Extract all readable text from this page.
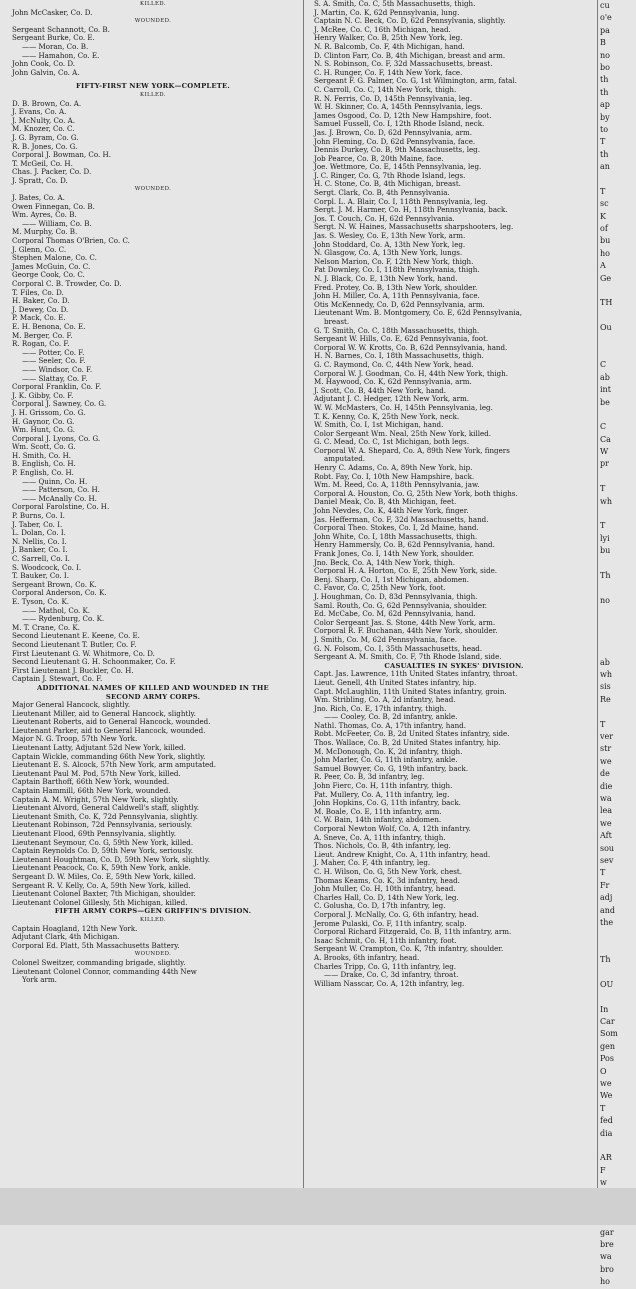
KILLED.
John McCasker, Co. D.
WOUNDED.
Sergeant Schannott, Co. B.
Sergeant Burke, Co. E.
—— Moran, Co. B.
—— Hamahon, Co. E.
John Cook, Co. D.
John Galvin, Co. A.
FIFTY-FIRST NEW YORK—COMPLETE.
KILLED.
D. B. Brown, Co. A.
J. Evans, Co. A.
J. McNulty, Co. A.
M. Knozer, Co. C.
J. G. Byram, Co. G.
R. B. Jones, Co. G.
Corporal J. Bowman, Co. H.
T. McGeil, Co. H.
Chas. J. Packer, Co. D.
J. Spratt, Co. D.
WOUNDED.
J. Bates, Co. A.
Owen Finnegan, Co. B.
Wm. Ayres, Co. B.
—— William, Co. B.
M. Murphy, Co. B.
Corporal Thomas O'Brien, Co. C.
J. Glenn, Co. C.
Stephen Malone, Co. C.
James McGuin, Co. C.
George Cook, Co. C.
Corporal C. B. Trowder, Co. D.
T. Files, Co. D.
H. Baker, Co. D.
J. Dewey, Co. D.
P. Mack, Co. E.
E. H. Benona, Co. E.
M. Berger, Co. F.
R. Rogan, Co. F.
—— Potter, Co. F.
—— Seeler, Co. F.
—— Windsor, Co. F.
—— Slattay, Co. F.
Corporal Franklin, Co. F.
J. K. Gibby, Co. F.
Corporal J. Sawney, Co. G.
J. H. Grissom, Co. G.
H. Gaynor, Co. G.
Wm. Hunt, Co. G.
Corporal J. Lyons, Co. G.
Wm. Scott, Co. G.
H. Smith, Co. H.
B. English, Co. H.
P. English, Co. H.
—— Quinn, Co. H.
—— Patterson, Co. H.
—— McAnally Co. H.
Corporal Farolstine, Co. H.
P. Burns, Co. I.
J. Taber, Co. I.
L. Dolan, Co. I.
N. Nellis, Co. I.
J. Banker, Co. I.
C. Sarrell, Co. I.
S. Woodcock, Co. I.
T. Bauker, Co. I.
Sergeant Brown, Co. K.
Corporal Anderson, Co. K.
E. Tyson, Co. K.
—— Mathol, Co. K.
—— Rydenburg, Co. K.
M. T. Crane, Co. K.
Second Lieutenant E. Keene, Co. E.
Second Lieutenant T. Butler, Co. F.
First Lieutenant G. W. Whitmore, Co. D.
Second Lieutenant G. H. Schoonmaker, Co. F.
First Lieutenant J. Buckler, Co. H.
Captain J. Stewart, Co. F.
ADDITIONAL NAMES OF KILLED AND WOUNDED IN THE
SECOND ARMY CORPS.
Major General Hancock, slightly.
Lieutenant Miller, aid to General Hancock, slightly.
Lieutenant Roberts, aid to General Hancock, wounded.
Lieutenant Parker, aid to General Hancock, wounded.
Major N. G. Troop, 57th New York.
Lieutenant Latty, Adjutant 52d New York, killed.
Captain Wickle, commanding 66th New York, slightly.
Lieutenant E. S. Alcock, 57th New York, arm amputated.
Lieutenant Paul M. Pod, 57th New York, killed.
Captain Barthoff, 66th New York, wounded.
Captain Hammill, 66th New York, wounded.
Captain A. M. Wright, 57th New York, slightly.
Lieutenant Alvord, General Caldwell's staff, slightly.
Lieutenant Smith, Co. K, 72d Pennsylvania, slightly.
Lieutenant Robinson, 72d Pennsylvania, seriously.
Lieutenant Flood, 69th Pennsylvania, slightly.
Lieutenant Seymour, Co. G, 59th New York, killed.
Captain Reynolds Co. D, 59th New York, seriously.
Lieutenant Houghtman, Co. D, 59th New York, slightly.
Lieutenant Peacock, Co. K, 59th New York, ankle.
Sergeant D. W. Miles, Co. E, 59th New York, killed.
Sergeant R. V. Kelly, Co. A, 59th New York, killed.
Lieutenant Colonel Baxter, 7th Michigan, shoulder.
Lieutenant Colonel Gillesly, 5th Michigan, killed.
FIFTH ARMY CORPS—GEN GRIFFIN'S DIVISION.
KILLED.
Captain Hoagland, 12th New York.
Adjutant Clark, 4th Michigan.
Corporal Ed. Platt, 5th Massachusetts Battery.
WOUNDED.
Colonel Sweitzer, commanding brigade, slightly.
Lieutenant Colonel Connor, commanding 44th New
York arm.
S. A. Smith, Co. C, 5th Massachusetts, thigh.
J. Martin, Co. K, 62d Pennsylvania, lung.
Captain N. C. Beck, Co. D, 62d Pennsylvania, slightly.
J. McRee, Co. C, 16th Michigan, head.
Henry Walker, Co. B, 25th New York, leg.
N. R. Balcomb, Co. F, 4th Michigan, hand.
D. Clinton Farr, Co. B, 4th Michigan, breast and arm.
N. S. Robinson, Co. F, 32d Massachusetts, breast.
C. H. Runger, Co. F, 14th New York, face.
Sergeant F. G. Palmer, Co. G, 1st Wilmington, arm, fatal.
C. Carroll, Co. C, 14th New York, thigh.
R. N. Ferris, Co. D, 145th Pennsylvania, leg.
W. H. Skinner, Co. A, 145th Pennsylvania, legs.
James Osgood, Co. D, 12th New Hampshire, foot.
Samuel Fussell, Co. I, 12th Rhode Island, neck.
Jas. J. Brown, Co. D, 62d Pennsylvania, arm.
John Fleming, Co. D, 62d Pennsylvania, face.
Dennis Durkey, Co. B, 9th Massachusetts, leg.
Job Pearce, Co. B, 20th Maine, face.
Joe. Wettmore, Co. E, 145th Pennsylvania, leg.
J. C. Ringer, Co. G, 7th Rhode Island, legs.
H. C. Stone, Co. B, 4th Michigan, breast.
Sergt. Clark, Co. B, 4th Pennsylvania.
Corpl. L. A. Blair, Co. I, 118th Pennsylvania, leg.
Sergt. J. M. Harmer, Co. H, 118th Pennsylvania, back.
Jos. T. Couch, Co. H, 62d Pennsylvania.
Sergt. N. W. Haines, Massachusetts sharpshooters, leg.
Jas. S. Wesley, Co. E, 13th New York, arm.
John Stoddard, Co. A, 13th New York, leg.
N. Glasgow, Co. A, 13th New York, lungs.
Nelson Marion, Co. F, 12th New York, thigh.
Pat Downley, Co. I, 118th Pennsylvania, thigh.
N. J. Black, Co. E, 13th New York, hand.
Fred. Protey, Co. B, 13th New York, shoulder.
John H. Miller, Co. A, 11th Pennsylvania, face.
Otis McKennedy, Co. D, 62d Pennsylvania, arm.
Lieutenant Wm. B. Montgomery, Co. E, 62d Pennsylvania,
breast.
G. T. Smith, Co. C, 18th Massachusetts, thigh.
Sergeant W. Hills, Co. E, 62d Pennsylvania, foot.
Corporal W. W. Krotts, Co. B, 62d Pennsylvania, hand.
H. N. Barnes, Co. I, 18th Massachusetts, thigh.
G. C. Raymond, Co. C, 44th New York, head.
Corporal W. J. Goodman, Co. H, 44th New York, thigh.
M. Haywood, Co. K, 62d Pennsylvania, arm.
J. Scott, Co. B, 44th New York, hand.
Adjutant J. C. Hedger, 12th New York, arm.
W. W. McMasters, Co. H, 145th Pennsylvania, leg.
T. K. Kenny, Co. K, 25th New York, neck.
W. Smith, Co. I, 1st Michigan, hand.
Color Sergeant Wm. Neal, 25th New York, killed.
G. C. Mead, Co. C, 1st Michigan, both legs.
Corporal W. A. Shepard, Co. A, 89th New York, fingers
amputated.
Henry C. Adams, Co. A, 89th New York, hip.
Robt. Fay, Co. I, 10th New Hampshire, back.
Wm. M. Reed, Co. A, 118th Pennsylvania, jaw.
Corporal A. Houston, Co. G, 25th New York, both thighs.
Daniel Meak, Co. B, 4th Michigan, feet.
John Nevdes, Co. K, 44th New York, finger.
Jas. Hefferman, Co. F, 32d Massachusetts, hand.
Corporal Theo. Stokes, Co. I, 2d Maine, hand.
John White, Co. I, 18th Massachusetts, thigh.
Henry Hammersly, Co. B, 62d Pennsylvania, hand.
Frank Jones, Co. I, 14th New York, shoulder.
Jno. Beck, Co. A, 14th New York, thigh.
Corporal H. A. Horton, Co. E, 25th New York, side.
Benj. Sharp, Co. I, 1st Michigan, abdomen.
C. Favor, Co. C, 25th New York, foot.
J. Houghman, Co. D, 83d Pennsylvania, thigh.
Saml. Routh, Co. G, 62d Pennsylvania, shoulder.
Ed. McCabe, Co. M, 62d Pennsylvania, hand.
Color Sergeant Jas. S. Stone, 44th New York, arm.
Corporal R. F. Buchanan, 44th New York, shoulder.
J. Smith, Co. M, 62d Pennsylvania, face.
G. N. Folsom, Co. I, 35th Massachusetts, head.
Sergeant A. M. Smith, Co. F, 7th Rhode Island, side.
CASUALTIES IN SYKES' DIVISION.
Capt. Jas. Lawrence, 11th United States infantry, throat.
Lieut. Genell, 4th United States infantry, hip.
Capt. McLaughlin, 11th United States infantry, groin.
Wm. Stribling, Co. A, 2d infantry, head.
Jno. Rich, Co. E, 17th infantry, thigh.
—— Cooley, Co. B, 2d infantry, ankle.
Nathl. Thomas, Co. A, 17th infantry, hand.
Robt. McFeeter, Co. B, 2d United States infantry, side.
Thos. Wallace, Co. B, 2d United States infantry, hip.
M. McDonough, Co. K, 2d infantry, thigh.
John Marler, Co. G, 11th infantry, ankle.
Samuel Bowyer, Co. G, 19th infantry, back.
R. Peer, Co. B, 3d infantry, leg.
John Fierc, Co. H, 11th infantry, thigh.
Pat. Mullery, Co. A, 11th infantry, leg.
John Hopkins, Co. G, 11th infantry, back.
M. Boale, Co. E, 11th infantry, arm.
C. W. Bain, 14th infantry, abdomen.
Corporal Newton Wolf, Co. A, 12th infantry.
A. Sneve, Co. A, 11th infantry, thigh.
Thos. Nichols, Co. B, 4th infantry, leg.
Lieut. Andrew Knight, Co. A, 11th infantry, head.
J. Maher, Co. F, 4th infantry, leg.
C. H. Wilson, Co. G, 5th New York, chest.
Thomas Keams, Co. K, 3d infantry, head.
John Muller, Co. H, 10th infantry, head.
Charles Hall, Co. D, 14th New York, leg.
C. Golusha, Co. D, 17th infantry, leg.
Corporal J. McNally, Co. G, 6th infantry, head.
Jerome Pulaski, Co. F, 11th infantry, scalp.
Corporal Richard Fitzgerald, Co. B, 11th infantry, arm.
Isaac Schmit, Co. H, 11th infantry, foot.
Sergeant W. Crampton, Co. K, 7th infantry, shoulder.
A. Brooks, 6th infantry, head.
Charles Tripp, Co. G, 11th infantry, leg.
—— Drake, Co. C, 3d infantry, throat.
William Nasscar, Co. A, 12th infantry, leg.
cu
o'e
pa
B
no
bo
th
th
ap
by
to
T
th
an
T
sc
K
of
bu
ho
A
Ge
TH
Ou
C
ab
int
be
C
Ca
W
pr
T
wh
T
lyi
bu
Th
no
ab
wh
sis
Re
T
ver
str
we
de
die
wa
lea
we
Aft
sou
sev
T
Fr
adj
and
the
Th
OU
In
Car
Som
gen
Pos
O
we
We
T
fed
dia
AR
F
w
gar
bre
wa
bro
ho
